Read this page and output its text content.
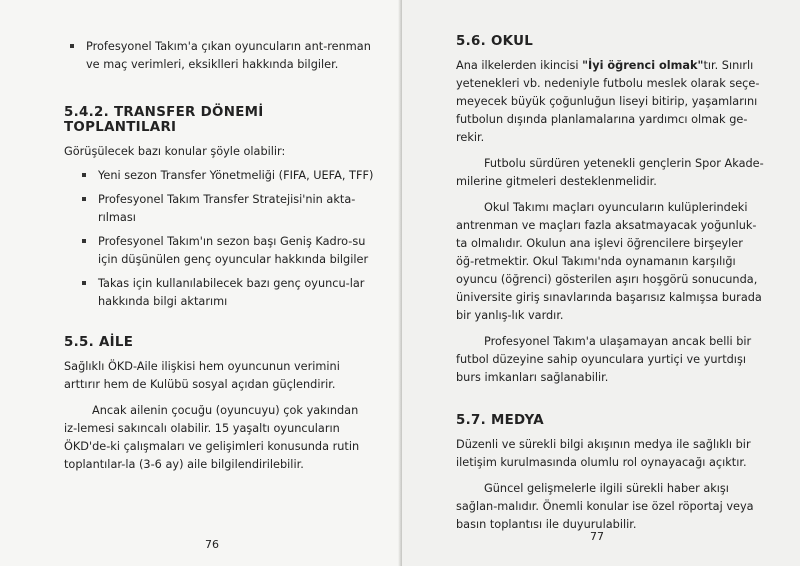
Profesyonel Takım'a çıkan oyuncuların ant-renman ve maç verimleri, eksiklleri hakkında bilgiler.

5.4.2. TRANSFER DÖNEMİ TOPLANTILARI

Görüşülecek bazı konular şöyle olabilir:

Yeni sezon Transfer Yönetmeliği (FIFA, UEFA, TFF)

Profesyonel Takım Transfer Stratejisi'nin akta-rılması

Profesyonel Takım'ın sezon başı Geniş Kadro-su için düşünülen genç oyuncular hakkında bilgiler

Takas için kullanılabilecek bazı genç oyuncu-lar hakkında bilgi aktarımı

5.5. AİLE

Sağlıklı ÖKD-Aile ilişkisi hem oyuncunun verimini arttırır hem de Kulübü sosyal açıdan güçlendirir.

Ancak ailenin çocuğu (oyuncuyu) çok yakından iz-lemesi sakıncalı olabilir. 15 yaşaltı oyuncuların ÖKD'de-ki çalışmaları ve gelişimleri konusunda rutin toplantılar-la (3-6 ay) aile bilgilendirilebilir.

76
5.6. OKUL

Ana ilkelerden ikincisi "İyi öğrenci olmak"tır. Sınırlı yetenekleri vb. nedeniyle futbolu meslek olarak seçe-meyecek büyük çoğunluğun liseyi bitirip, yaşamlarını futbolun dışında planlamalarına yardımcı olmak ge-rekir.

Futbolu sürdüren yetenekli gençlerin Spor Akade-milerine gitmeleri desteklenmelidir.

Okul Takımı maçları oyuncuların kulüplerindeki antrenman ve maçları fazla aksatmayacak yoğunluk-ta olmalıdır. Okulun ana işlevi öğrencilere birşeyler öğ-retmektir. Okul Takımı'nda oynamanın karşılığı oyuncu (öğrenci) gösterilen aşırı hoşgörü sonucunda, üniversite giriş sınavlarında başarısız kalmışsa burada bir yanlış-lık vardır.

Profesyonel Takım'a ulaşamayan ancak belli bir futbol düzeyine sahip oyunculara yurtiçi ve yurtdışı burs imkanları sağlanabilir.

5.7. MEDYA

Düzenli ve sürekli bilgi akışının medya ile sağlıklı bir iletişim kurulmasında olumlu rol oynayacağı açıktır.

Güncel gelişmelerle ilgili sürekli haber akışı sağlan-malıdır. Önemli konular ise özel röportaj veya basın toplantısı ile duyurulabilir.

77
